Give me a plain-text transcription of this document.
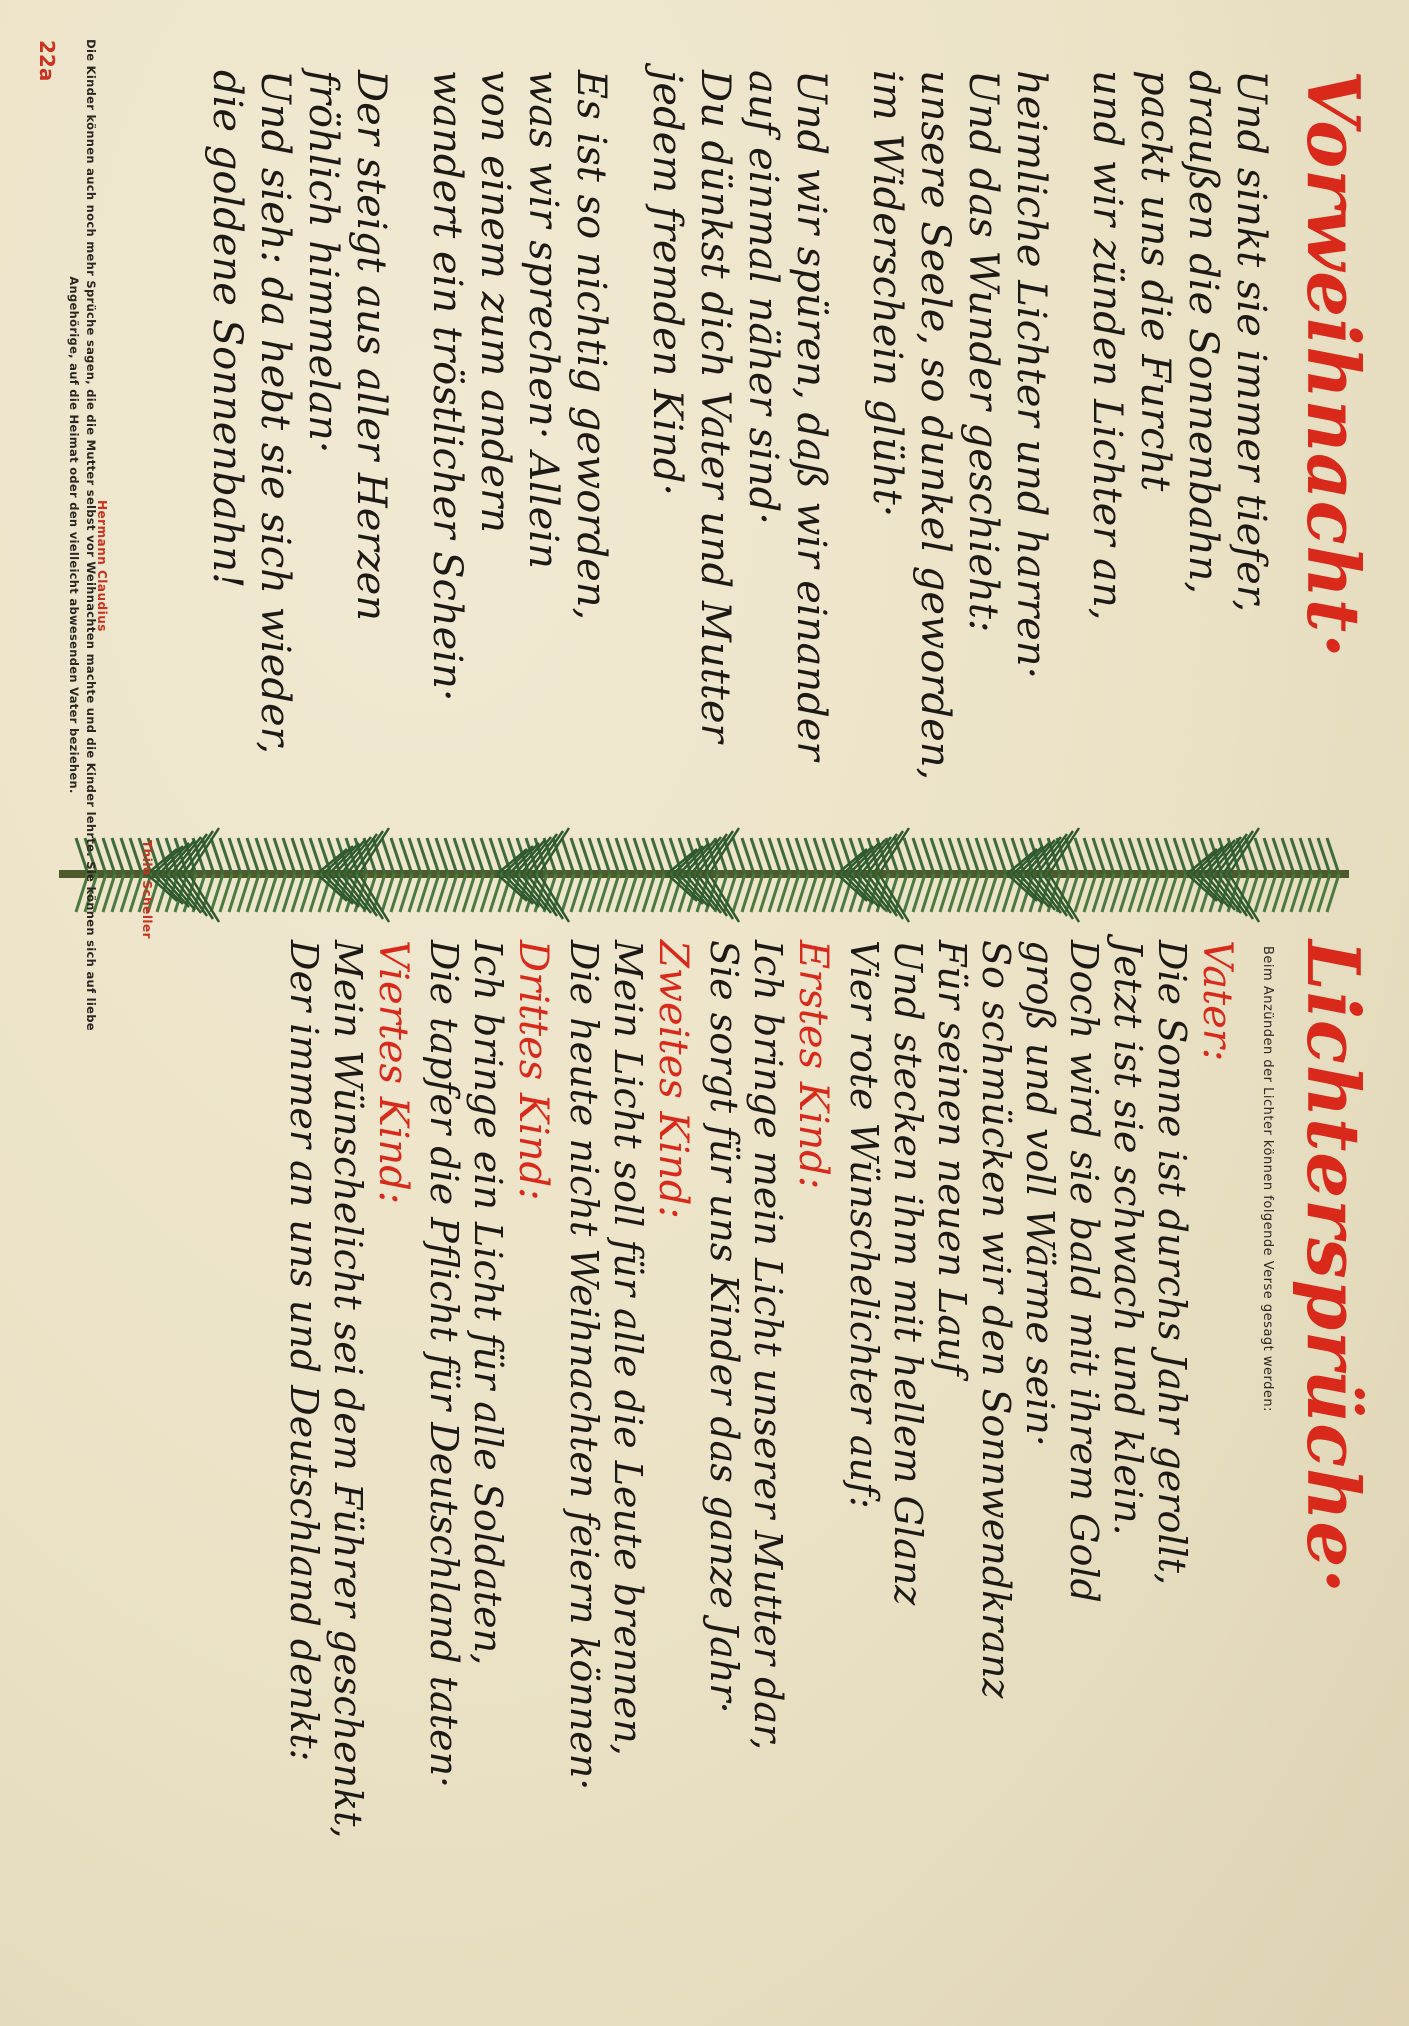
Vorweihnacht·
Und sinkt sie immer tiefer,
draußen die Sonnenbahn,
packt uns die Furcht
und wir zünden Lichter an,
heimliche Lichter und harren·
Und das Wunder geschieht:
unsere Seele, so dunkel geworden,
im Widerschein glüht·
Und wir spüren, daß wir einander
auf einmal näher sind·
Du dünkst dich Vater und Mutter
jedem fremden Kind·
Es ist so nichtig geworden,
was wir sprechen· Allein
von einem zum andern
wandert ein tröstlicher Schein·
Der steigt aus aller Herzen
fröhlich himmelan·
Und sieh: da hebt sie sich wieder,
die goldene Sonnenbahn!
Hermann Claudius
Lichtersprüche·
Beim Anzünden der Lichter können folgende Verse gesagt werden:
Vater:
Die Sonne ist durchs Jahr gerollt,
Jetzt ist sie schwach und klein.
Doch wird sie bald mit ihrem Gold
groß und voll Wärme sein·
So schmücken wir den Sonnwendkranz
Für seinen neuen Lauf
Und stecken ihm mit hellem Glanz
Vier rote Wünschelichter auf:
Erstes Kind:
Ich bringe mein Licht unserer Mutter dar,
Sie sorgt für uns Kinder das ganze Jahr·
Zweites Kind:
Mein Licht soll für alle die Leute brennen,
Die heute nicht Weihnachten feiern können·
Drittes Kind:
Ich bringe ein Licht für alle Soldaten,
Die tapfer die Pflicht für Deutschland taten·
Viertes Kind:
Mein Wünschelicht sei dem Führer geschenkt,
Der immer an uns und Deutschland denkt:
Thilo Scheller
Die Kinder können auch noch mehr Sprüche sagen, die die Mutter selbst vor Weihnachten machte und die Kinder lehrte. Sie können sich auf liebe Angehörige, auf die Heimat oder den vielleicht abwesenden Vater beziehen.
22a
